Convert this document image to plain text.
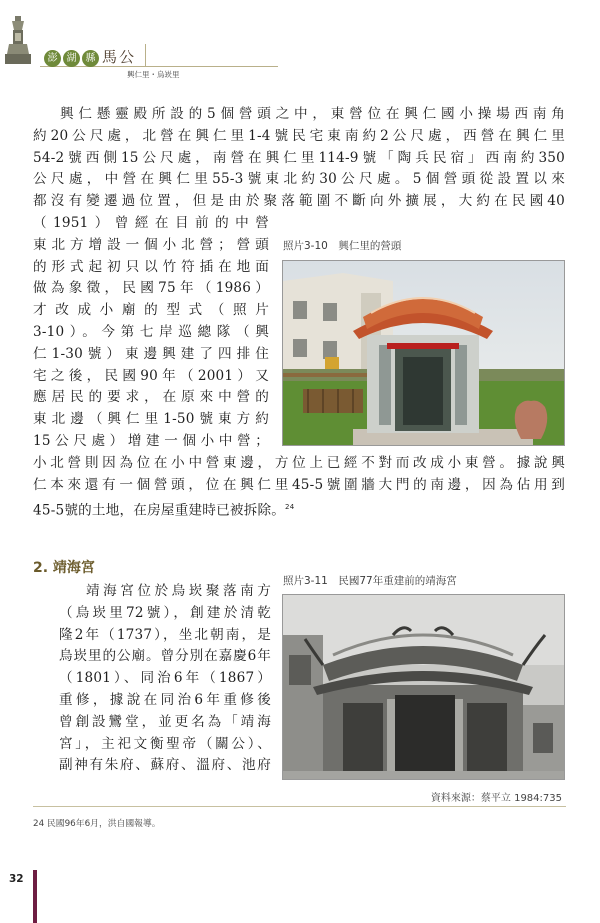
澎 湖 縣 馬公
興仁里・烏崁里
興仁懸靈殿所設的5個營頭之中，東營位在興仁國小操場西南角
約20公尺處，北營在興仁里1-4號民宅東南約2公尺處，西營在興仁里
54-2號西側15公尺處，南營在興仁里114-9號「陶兵民宿」西南約350
公尺處，中營在興仁里55-3號東北約30公尺處。5個營頭從設置以來
都沒有變遷過位置，但是由於聚落範圍不斷向外擴展，大約在民國40
（1951）曾經在目前的中營
東北方增設一個小北營；營頭
的形式起初只以竹符插在地面
做為象徵，民國75年（1986）
才改成小廟的型式（照片
3-10）。今第七岸巡總隊（興
仁1-30號）東邊興建了四排住
宅之後，民國90年（2001）又
應居民的要求，在原來中營的
東北邊（興仁里1-50號東方約
15公尺處）增建一個小中營；
小北營則因為位在小中營東邊，方位上已經不對而改成小東營。據說興
仁本來還有一個營頭，位在興仁里45-5號圍牆大門的南邊，因為佔用到
45-5號的土地，在房屋重建時已被拆除。$^{24}$
照片3-10　興仁里的營頭
2. 靖海宮
靖海宮位於烏崁聚落南方
（烏崁里72號），創建於清乾
隆2年（1737），坐北朝南，是
烏崁里的公廟。曾分別在嘉慶6年
（1801）、同治6年（1867）
重修，據說在同治6年重修後
曾創設鸞堂，並更名為「靖海
宮」，主祀文衡聖帝（關公）、
副神有朱府、蘇府、溫府、池府
照片3-11　民國77年重建前的靖海宮
資料來源：蔡平立 1984:735
24 民國96年6月，洪自國報導。
32
